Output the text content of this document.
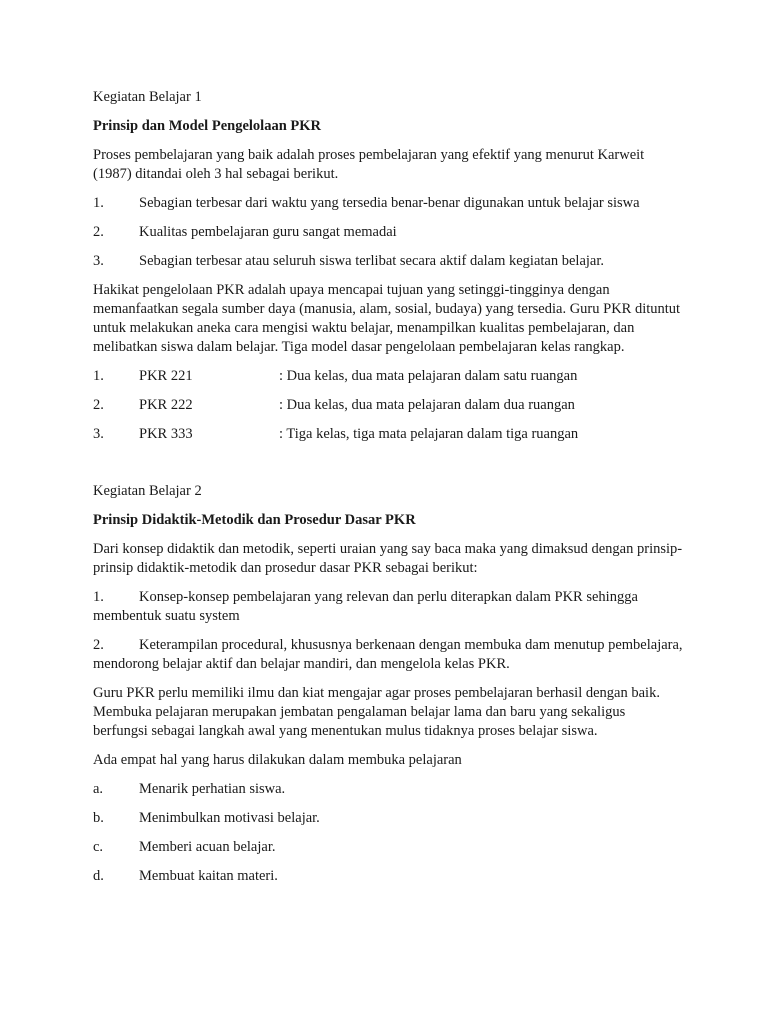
Kegiatan Belajar 1

Prinsip dan Model Pengelolaan PKR

Proses pembelajaran yang baik adalah proses pembelajaran yang efektif yang menurut Karweit (1987) ditandai oleh 3 hal sebagai berikut.

1.	Sebagian terbesar dari waktu yang tersedia benar-benar digunakan untuk belajar siswa
2.	Kualitas pembelajaran guru sangat memadai
3.	Sebagian terbesar atau seluruh siswa terlibat secara aktif dalam kegiatan belajar.

Hakikat pengelolaan PKR adalah upaya mencapai tujuan yang setinggi-tingginya dengan memanfaatkan segala sumber daya (manusia, alam, sosial, budaya) yang tersedia. Guru PKR dituntut untuk melakukan aneka cara mengisi waktu belajar, menampilkan kualitas pembelajaran, dan melibatkan siswa dalam belajar. Tiga model dasar pengelolaan pembelajaran kelas rangkap.

1.	PKR 221	: Dua kelas, dua mata pelajaran dalam satu ruangan
2.	PKR 222	: Dua kelas, dua mata pelajaran dalam dua ruangan
3.	PKR 333	: Tiga kelas, tiga mata pelajaran dalam tiga ruangan

Kegiatan Belajar 2

Prinsip Didaktik-Metodik dan Prosedur Dasar PKR

Dari konsep didaktik dan metodik, seperti uraian yang say baca maka yang dimaksud dengan prinsip-prinsip didaktik-metodik dan prosedur dasar PKR sebagai berikut:

1. Konsep-konsep pembelajaran yang relevan dan perlu diterapkan dalam PKR sehingga membentuk suatu system

2. Keterampilan procedural, khususnya berkenaan dengan membuka dam menutup pembelajara, mendorong belajar aktif dan belajar mandiri, dan mengelola kelas PKR.

Guru PKR perlu memiliki ilmu dan kiat mengajar agar proses pembelajaran berhasil dengan baik. Membuka pelajaran merupakan jembatan pengalaman belajar lama dan baru yang sekaligus berfungsi sebagai langkah awal yang menentukan mulus tidaknya proses belajar siswa.

Ada empat hal yang harus dilakukan dalam membuka pelajaran

a.	Menarik perhatian siswa.
b.	Menimbulkan motivasi belajar.
c.	Memberi acuan belajar.
d.	Membuat kaitan materi.
